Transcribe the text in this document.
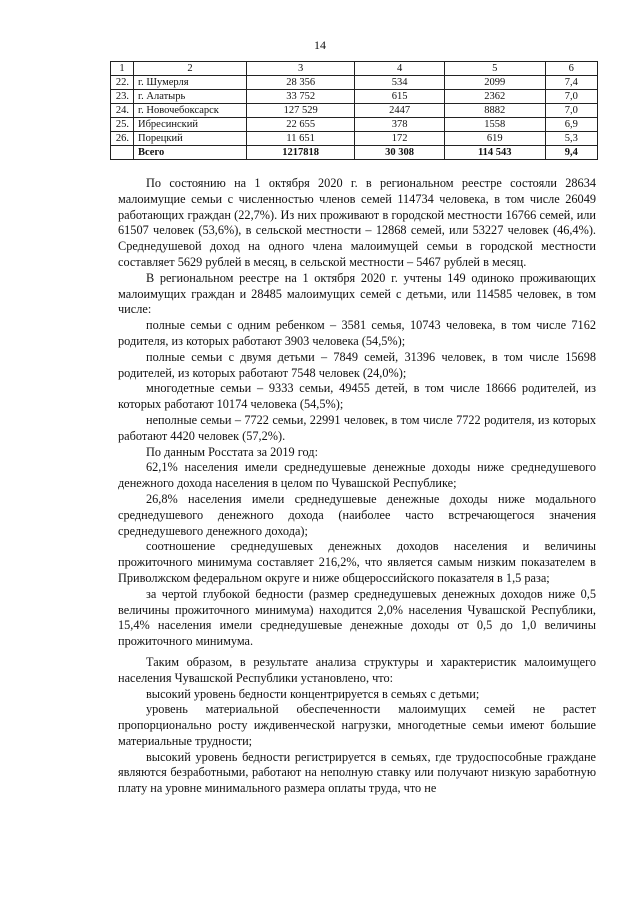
14
1	2	3	4	5	6
22.	г. Шумерля	28 356	534	2099	7,4
23.	г. Алатырь	33 752	615	2362	7,0
24.	г. Новочебоксарск	127 529	2447	8882	7,0
25.	Ибресинский	22 655	378	1558	6,9
26.	Порецкий	11 651	172	619	5,3
	Всего	1217818	30 308	114 543	9,4

По состоянию на 1 октября 2020 г. в региональном реестре состояли 28634 малоимущие семьи с численностью членов семей 114734 человека, в том числе 26049 работающих граждан (22,7%). Из них проживают в городской местности 16766 семей, или 61507 человек (53,6%), в сельской местности – 12868 семей, или 53227 человек (46,4%). Среднедушевой доход на одного члена малоимущей семьи в городской местности составляет 5629 рублей в месяц, в сельской местности – 5467 рублей в месяц.

В региональном реестре на 1 октября 2020 г. учтены 149 одиноко проживающих малоимущих граждан и 28485 малоимущих семей с детьми, или 114585 человек, в том числе:

полные семьи с одним ребенком – 3581 семья, 10743 человека, в том числе 7162 родителя, из которых работают 3903 человека (54,5%);

полные семьи с двумя детьми – 7849 семей, 31396 человек, в том числе 15698 родителей, из которых работают 7548 человек (24,0%);

многодетные семьи – 9333 семьи, 49455 детей, в том числе 18666 родителей, из которых работают 10174 человека (54,5%);

неполные семьи – 7722 семьи, 22991 человек, в том числе 7722 родителя, из которых работают 4420 человек (57,2%).

По данным Росстата за 2019 год:

62,1% населения имели среднедушевые денежные доходы ниже среднедушевого денежного дохода населения в целом по Чувашской Республике;

26,8% населения имели среднедушевые денежные доходы ниже модального среднедушевого денежного дохода (наиболее часто встречающегося значения среднедушевого денежного дохода);

соотношение среднедушевых денежных доходов населения и величины прожиточного минимума составляет 216,2%, что является самым низким показателем в Приволжском федеральном округе и ниже общероссийского показателя в 1,5 раза;

за чертой глубокой бедности (размер среднедушевых денежных доходов ниже 0,5 величины прожиточного минимума) находится 2,0% населения Чувашской Республики, 15,4% населения имели среднедушевые денежные доходы от 0,5 до 1,0 величины прожиточного минимума.

Таким образом, в результате анализа структуры и характеристик малоимущего населения Чувашской Республики установлено, что:

высокий уровень бедности концентрируется в семьях с детьми;

уровень материальной обеспеченности малоимущих семей не растет пропорционально росту иждивенческой нагрузки, многодетные семьи имеют большие материальные трудности;

высокий уровень бедности регистрируется в семьях, где трудоспособные граждане являются безработными, работают на неполную ставку или получают низкую заработную плату на уровне минимального размера оплаты труда, что не
